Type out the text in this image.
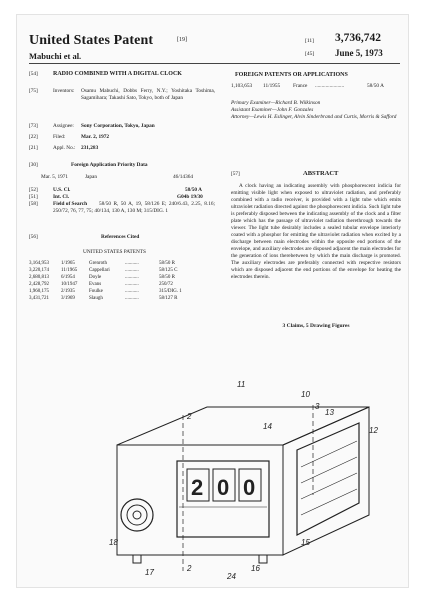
United States Patent	[19]
Mabuchi et al.
[11] 3,736,742
[45] June 5, 1973
[54]	RADIO COMBINED WITH A DIGITAL CLOCK
[75]	Inventors: Osamu Mabuchi, Dobbs Ferry, N.Y.; Yoshitaka Toshima, Sagamihara; Takashi Sato, Tokyo, both of Japan
[73]	Assignee: Sony Corporation, Tokyo, Japan
[22]	Filed:	Mar. 2, 1972
[21]	Appl. No.: 231,283
[30]	Foreign Application Priority Data
Mar. 5, 1971	Japan	46/14364
[52]	U.S. Cl.	58/50 A
[51]	Int. Cl.	G04b 19/30
[58]	Field of Search	58/50 R, 50 A, 19, 58/126 E; 240/6.43, 2.25, 8.16; 250/72, 76, 77, 75; 40/134, 130 A, 130 M; 315/DIG. 1
[56]	References Cited
UNITED STATES PATENTS
3,164,953 1/1965	Grenroth	...........	58/50 R
3,220,174 11/1965 Cappellari	...........	58/125 C
2,680,813 6/1954	Doyle	...........	58/50 R
2,428,792 10/1947 Evans	...........	250/72
1,960,175 2/1935	Foulke	...........	315/DIG. 1
3,431,721 3/1969	Slaugh	...........	58/127 R
FOREIGN PATENTS OR APPLICATIONS
1,103,653 11/1955 France ......................	58/50 A
Primary Examiner—Richard B. Wilkinson
Assistant Examiner—John F. Gonzales
Attorney—Lewis H. Eslinger, Alvin Sinderbrand and Curtis, Morris & Safford
[57]	ABSTRACT
A clock having an indicating assembly with phosphorescent indicia for emitting visible light when exposed to ultraviolet radiation, and preferably combined with a radio receiver, is provided with a light tube which emits ultraviolet radiation directed against the phosphorescent indicia. Such light tube is preferably disposed between the indicating assembly of the clock and a filter plate which has the passage of ultraviolet radiation therethrough towards the viewer. The light tube desirably includes a sealed tubular envelope interiorly coated with a phosphor for emitting the ultraviolet radiation when excited by a discharge between main electrodes within the opposite end portions of the envelope, and auxiliary electrodes are disposed adjacent the main electrodes for the generation of ions therebetween by which the main discharge is promoted. The auxiliary electrodes are preferably connected with respective resistors which are disposed adjacent the end portions of the envelope for heating the electrodes therein.
3 Claims, 5 Drawing Figures
2 0 0
11
10
14
13
12
2
3
15
16
18
17	24
2
